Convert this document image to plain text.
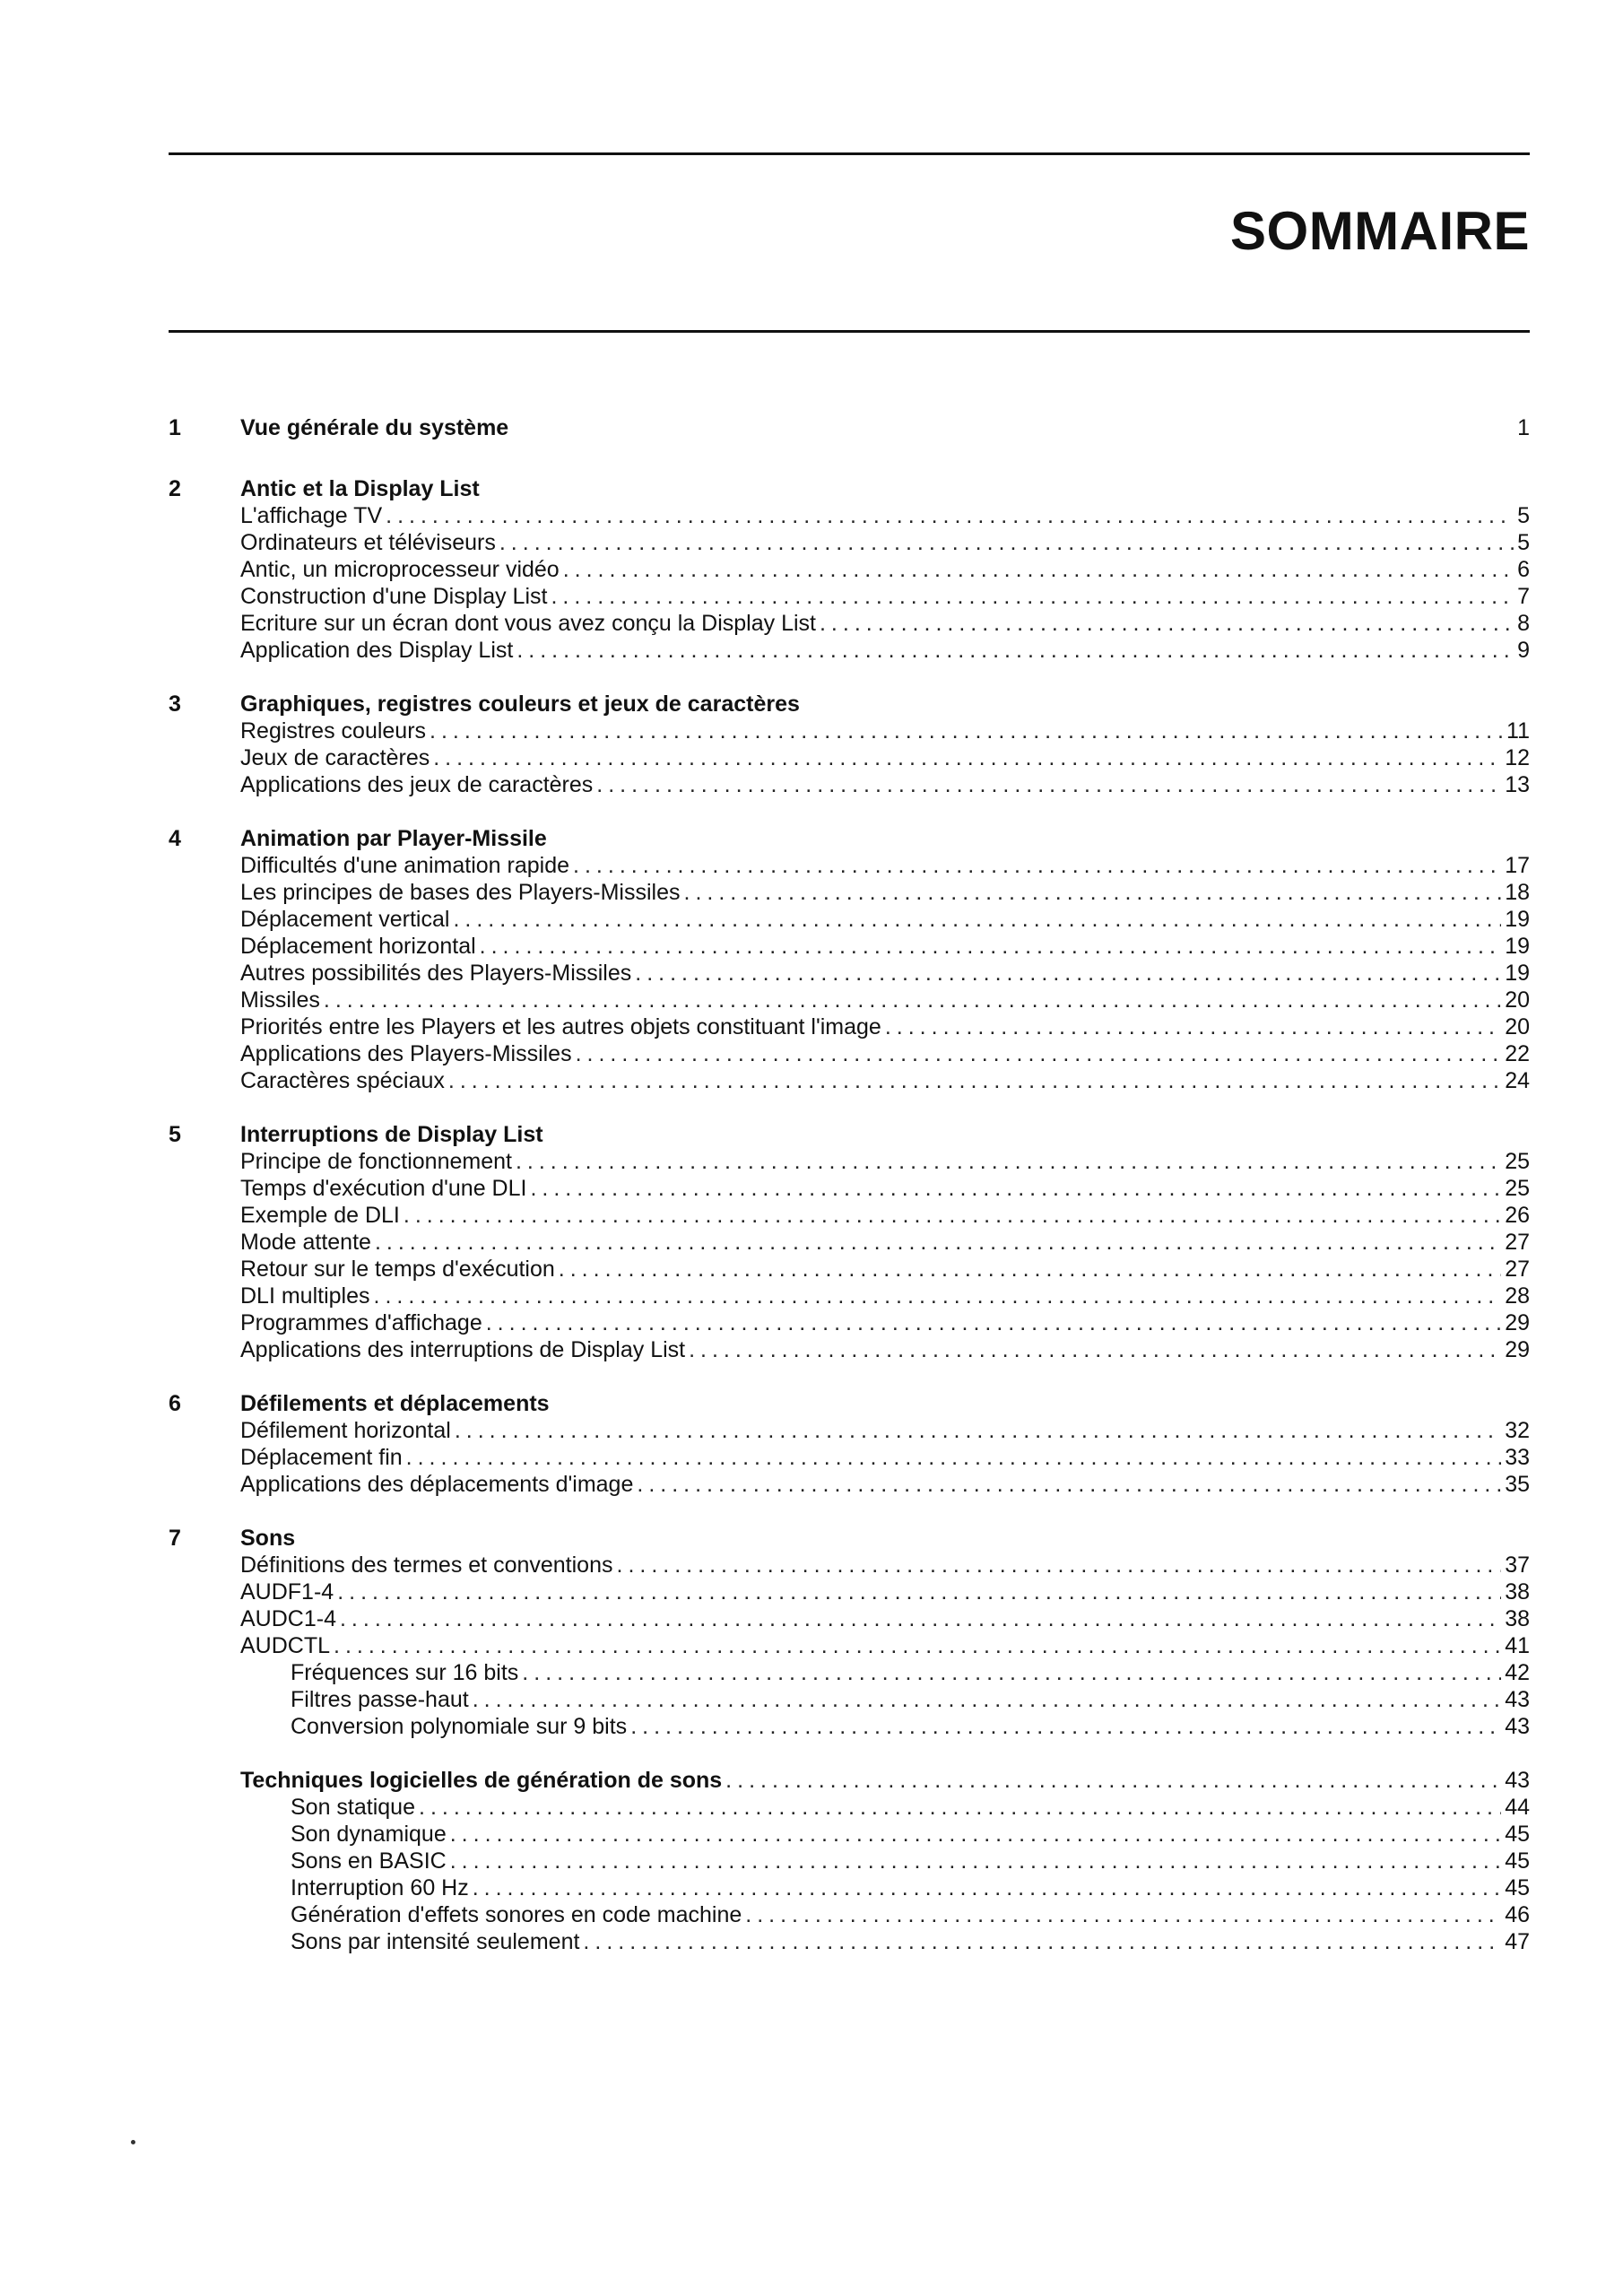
SOMMAIRE
1	Vue générale du système	1
2	Antic et la Display List
L'affichage TV .....	5
Ordinateurs et téléviseurs .....	5
Antic, un microprocesseur vidéo .....	6
Construction d'une Display List .....	7
Ecriture sur un écran dont vous avez conçu la Display List .....	8
Application des Display List .....	9
3	Graphiques, registres couleurs et jeux de caractères
Registres couleurs .....	11
Jeux de caractères .....	12
Applications des jeux de caractères .....	13
4	Animation par Player-Missile
Difficultés d'une animation rapide .....	17
Les principes de bases des Players-Missiles .....	18
Déplacement vertical .....	19
Déplacement horizontal .....	19
Autres possibilités des Players-Missiles .....	19
Missiles .....	20
Priorités entre les Players et les autres objets constituant l'image .....	20
Applications des Players-Missiles .....	22
Caractères spéciaux .....	24
5	Interruptions de Display List
Principe de fonctionnement .....	25
Temps d'exécution d'une DLI .....	25
Exemple de DLI .....	26
Mode attente .....	27
Retour sur le temps d'exécution .....	27
DLI multiples .....	28
Programmes d'affichage .....	29
Applications des interruptions de Display List .....	29
6	Défilements et déplacements
Défilement horizontal .....	32
Déplacement fin .....	33
Applications des déplacements d'image .....	35
7	Sons
Définitions des termes et conventions .....	37
AUDF1-4 .....	38
AUDC1-4 .....	38
AUDCTL .....	41
Fréquences sur 16 bits .....	42
Filtres passe-haut .....	43
Conversion polynomiale sur 9 bits .....	43
Techniques logicielles de génération de sons .....	43
Son statique .....	44
Son dynamique .....	45
Sons en BASIC .....	45
Interruption 60 Hz .....	45
Génération d'effets sonores en code machine .....	46
Sons par intensité seulement .....	47
